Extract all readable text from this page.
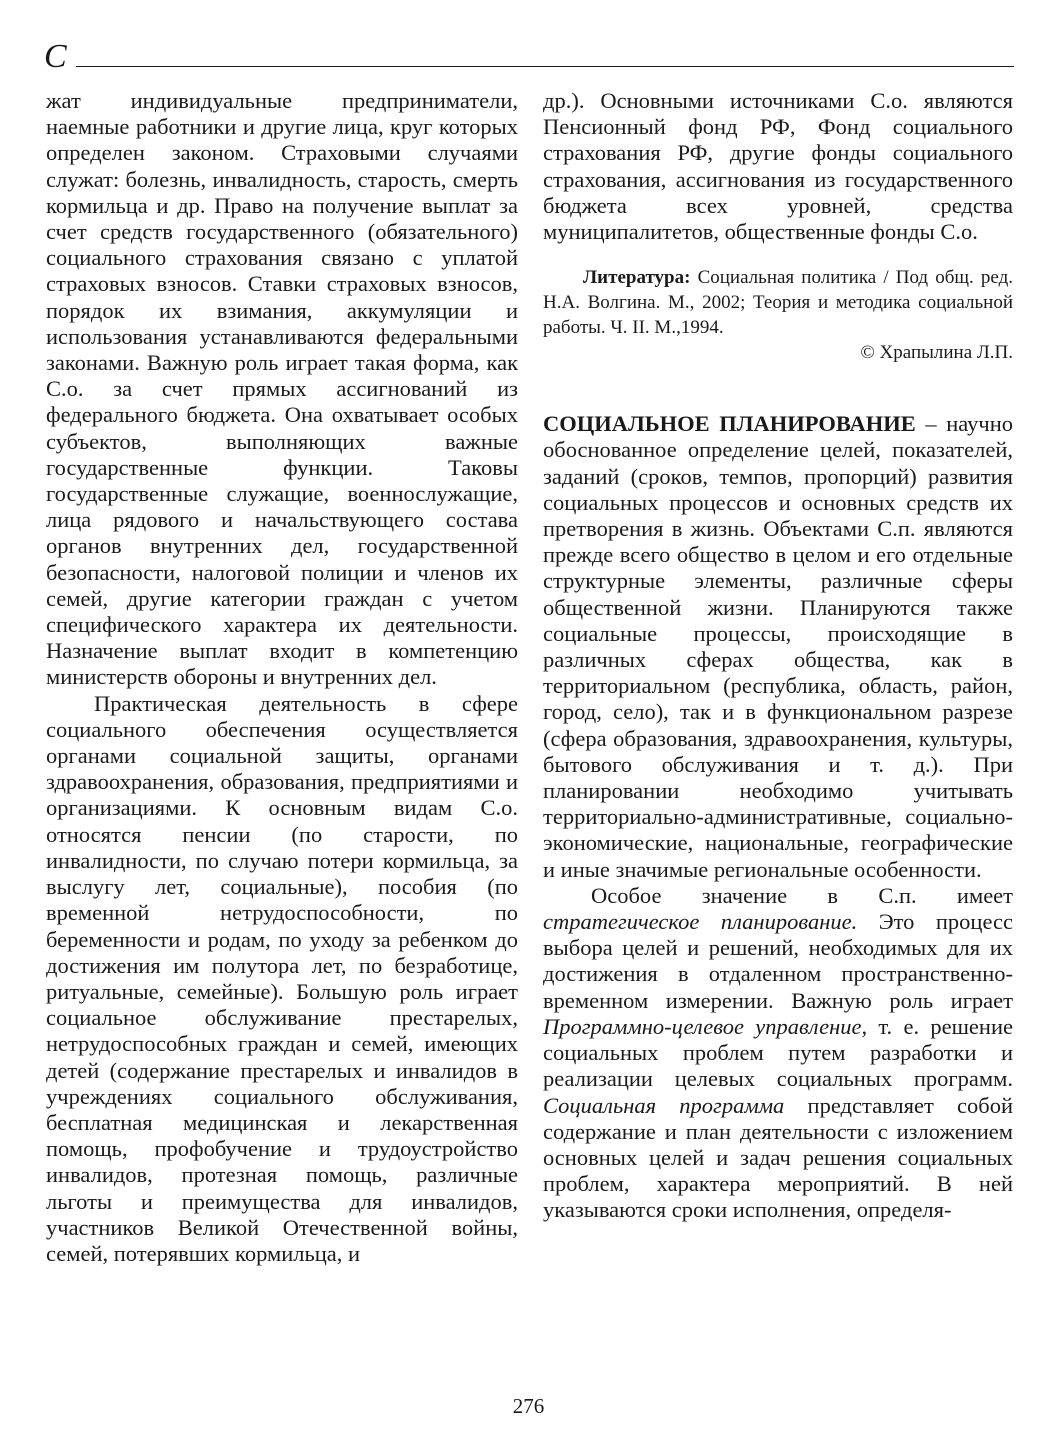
С

жат индивидуальные предприниматели, наемные работники и другие лица, круг которых определен законом. Страховыми случаями служат: болезнь, инвалидность, старость, смерть кормильца и др. Право на получение выплат за счет средств государственного (обязательного) социального страхования связано с уплатой страховых взносов. Ставки страховых взносов, порядок их взимания, аккумуляции и использования устанавливаются федеральными законами. Важную роль играет такая форма, как С.о. за счет прямых ассигнований из федерального бюджета. Она охватывает особых субъектов, выполняющих важные государственные функции. Таковы государственные служащие, военнослужащие, лица рядового и начальствующего состава органов внутренних дел, государственной безопасности, налоговой полиции и членов их семей, другие категории граждан с учетом специфического характера их деятельности. Назначение выплат входит в компетенцию министерств обороны и внутренних дел.

Практическая деятельность в сфере социального обеспечения осуществляется органами социальной защиты, органами здравоохранения, образования, предприятиями и организациями. К основным видам С.о. относятся пенсии (по старости, по инвалидности, по случаю потери кормильца, за выслугу лет, социальные), пособия (по временной нетрудоспособности, по беременности и родам, по уходу за ребенком до достижения им полутора лет, по безработице, ритуальные, семейные). Большую роль играет социальное обслуживание престарелых, нетрудоспособных граждан и семей, имеющих детей (содержание престарелых и инвалидов в учреждениях социального обслуживания, бесплатная медицинская и лекарственная помощь, профобучение и трудоустройство инвалидов, протезная помощь, различные льготы и преимущества для инвалидов, участников Великой Отечественной войны, семей, потерявших кормильца, и

др.). Основными источниками С.о. являются Пенсионный фонд РФ, Фонд социального страхования РФ, другие фонды социального страхования, ассигнования из государственного бюджета всех уровней, средства муниципалитетов, общественные фонды С.о.

Литература: Социальная политика / Под общ. ред. Н.А. Волгина. М., 2002; Теория и методика социальной работы. Ч. II. М.,1994.

© Храпылина Л.П.

СОЦИАЛЬНОЕ ПЛАНИРОВАНИЕ – научно обоснованное определение целей, показателей, заданий (сроков, темпов, пропорций) развития социальных процессов и основных средств их претворения в жизнь. Объектами С.п. являются прежде всего общество в целом и его отдельные структурные элементы, различные сферы общественной жизни. Планируются также социальные процессы, происходящие в различных сферах общества, как в территориальном (республика, область, район, город, село), так и в функциональном разрезе (сфера образования, здравоохранения, культуры, бытового обслуживания и т. д.). При планировании необходимо учитывать территориально-административные, социально-экономические, национальные, географические и иные значимые региональные особенности.

Особое значение в С.п. имеет стратегическое планирование. Это процесс выбора целей и решений, необходимых для их достижения в отдаленном пространственно-временном измерении. Важную роль играет Программно-целевое управление, т. е. решение социальных проблем путем разработки и реализации целевых социальных программ. Социальная программа представляет собой содержание и план деятельности с изложением основных целей и задач решения социальных проблем, характера мероприятий. В ней указываются сроки исполнения, определя-

276
